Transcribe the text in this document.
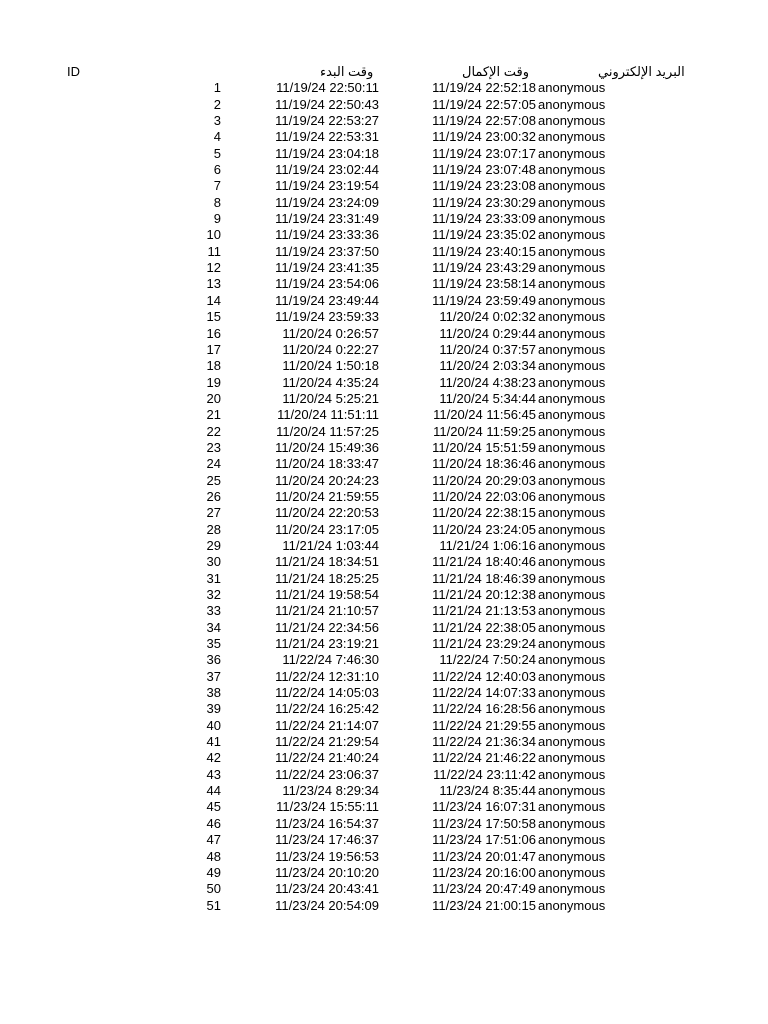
ID	وقت البدء	وقت الإكمال	البريد الإلكتروني
1	11/19/24 22:50:11	11/19/24 22:52:18 anonymous
2	11/19/24 22:50:43	11/19/24 22:57:05 anonymous
3	11/19/24 22:53:27	11/19/24 22:57:08 anonymous
4	11/19/24 22:53:31	11/19/24 23:00:32 anonymous
5	11/19/24 23:04:18	11/19/24 23:07:17 anonymous
6	11/19/24 23:02:44	11/19/24 23:07:48 anonymous
7	11/19/24 23:19:54	11/19/24 23:23:08 anonymous
8	11/19/24 23:24:09	11/19/24 23:30:29 anonymous
9	11/19/24 23:31:49	11/19/24 23:33:09 anonymous
10	11/19/24 23:33:36	11/19/24 23:35:02 anonymous
11	11/19/24 23:37:50	11/19/24 23:40:15 anonymous
12	11/19/24 23:41:35	11/19/24 23:43:29 anonymous
13	11/19/24 23:54:06	11/19/24 23:58:14 anonymous
14	11/19/24 23:49:44	11/19/24 23:59:49 anonymous
15	11/19/24 23:59:33	11/20/24 0:02:32 anonymous
16	11/20/24 0:26:57	11/20/24 0:29:44 anonymous
17	11/20/24 0:22:27	11/20/24 0:37:57 anonymous
18	11/20/24 1:50:18	11/20/24 2:03:34 anonymous
19	11/20/24 4:35:24	11/20/24 4:38:23 anonymous
20	11/20/24 5:25:21	11/20/24 5:34:44 anonymous
21	11/20/24 11:51:11	11/20/24 11:56:45 anonymous
22	11/20/24 11:57:25	11/20/24 11:59:25 anonymous
23	11/20/24 15:49:36	11/20/24 15:51:59 anonymous
24	11/20/24 18:33:47	11/20/24 18:36:46 anonymous
25	11/20/24 20:24:23	11/20/24 20:29:03 anonymous
26	11/20/24 21:59:55	11/20/24 22:03:06 anonymous
27	11/20/24 22:20:53	11/20/24 22:38:15 anonymous
28	11/20/24 23:17:05	11/20/24 23:24:05 anonymous
29	11/21/24 1:03:44	11/21/24 1:06:16 anonymous
30	11/21/24 18:34:51	11/21/24 18:40:46 anonymous
31	11/21/24 18:25:25	11/21/24 18:46:39 anonymous
32	11/21/24 19:58:54	11/21/24 20:12:38 anonymous
33	11/21/24 21:10:57	11/21/24 21:13:53 anonymous
34	11/21/24 22:34:56	11/21/24 22:38:05 anonymous
35	11/21/24 23:19:21	11/21/24 23:29:24 anonymous
36	11/22/24 7:46:30	11/22/24 7:50:24 anonymous
37	11/22/24 12:31:10	11/22/24 12:40:03 anonymous
38	11/22/24 14:05:03	11/22/24 14:07:33 anonymous
39	11/22/24 16:25:42	11/22/24 16:28:56 anonymous
40	11/22/24 21:14:07	11/22/24 21:29:55 anonymous
41	11/22/24 21:29:54	11/22/24 21:36:34 anonymous
42	11/22/24 21:40:24	11/22/24 21:46:22 anonymous
43	11/22/24 23:06:37	11/22/24 23:11:42 anonymous
44	11/23/24 8:29:34	11/23/24 8:35:44 anonymous
45	11/23/24 15:55:11	11/23/24 16:07:31 anonymous
46	11/23/24 16:54:37	11/23/24 17:50:58 anonymous
47	11/23/24 17:46:37	11/23/24 17:51:06 anonymous
48	11/23/24 19:56:53	11/23/24 20:01:47 anonymous
49	11/23/24 20:10:20	11/23/24 20:16:00 anonymous
50	11/23/24 20:43:41	11/23/24 20:47:49 anonymous
51	11/23/24 20:54:09	11/23/24 21:00:15 anonymous
